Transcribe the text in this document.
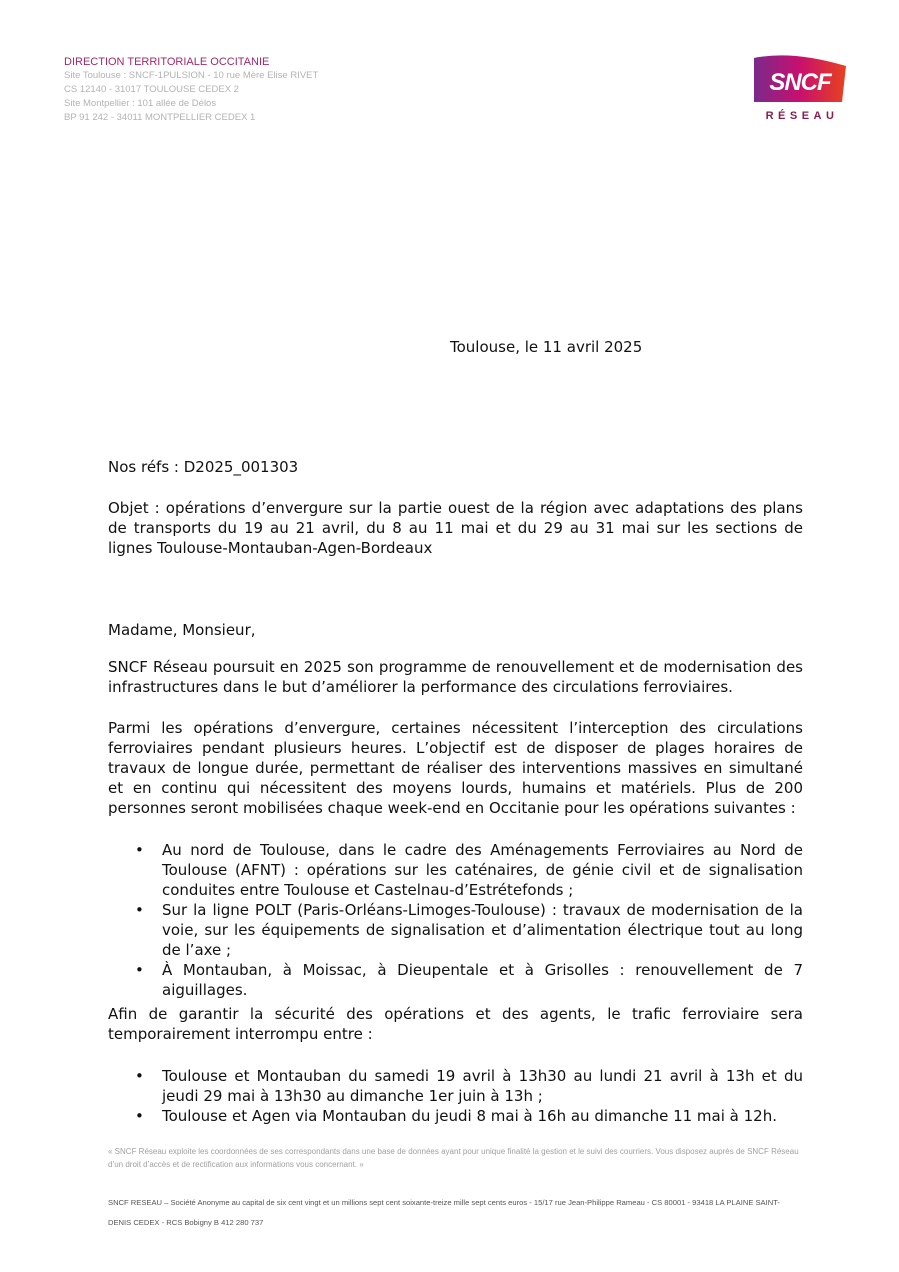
DIRECTION TERRITORIALE OCCITANIE
Site Toulouse : SNCF-1PULSION - 10 rue Mère Elise RIVET
CS 12140 - 31017 TOULOUSE CEDEX 2
Site Montpellier : 101 allée de Délos
BP 91 242 - 34011 MONTPELLIER CEDEX 1
SNCF
RÉSEAU
Toulouse, le 11 avril 2025

Nos réfs : D2025_001303

Objet : opérations d’envergure sur la partie ouest de la région avec adaptations des plans de transports du 19 au 21 avril, du 8 au 11 mai et du 29 au 31 mai sur les sections de lignes Toulouse-Montauban-Agen-Bordeaux

Madame, Monsieur,

SNCF Réseau poursuit en 2025 son programme de renouvellement et de modernisation des infrastructures dans le but d’améliorer la performance des circulations ferroviaires.

Parmi les opérations d’envergure, certaines nécessitent l’interception des circulations ferroviaires pendant plusieurs heures. L’objectif est de disposer de plages horaires de travaux de longue durée, permettant de réaliser des interventions massives en simultané et en continu qui nécessitent des moyens lourds, humains et matériels. Plus de 200 personnes seront mobilisées chaque week-end en Occitanie pour les opérations suivantes :

• Au nord de Toulouse, dans le cadre des Aménagements Ferroviaires au Nord de Toulouse (AFNT) : opérations sur les caténaires, de génie civil et de signalisation conduites entre Toulouse et Castelnau-d’Estrétefonds ;
• Sur la ligne POLT (Paris-Orléans-Limoges-Toulouse) : travaux de modernisation de la voie, sur les équipements de signalisation et d’alimentation électrique tout au long de l’axe ;
• À Montauban, à Moissac, à Dieupentale et à Grisolles : renouvellement de 7 aiguillages.

Afin de garantir la sécurité des opérations et des agents, le trafic ferroviaire sera temporairement interrompu entre :

• Toulouse et Montauban du samedi 19 avril à 13h30 au lundi 21 avril à 13h et du jeudi 29 mai à 13h30 au dimanche 1er juin à 13h ;
• Toulouse et Agen via Montauban du jeudi 8 mai à 16h au dimanche 11 mai à 12h.
« SNCF Réseau exploite les coordonnées de ses correspondants dans une base de données ayant pour unique finalité la gestion et le suivi des courriers. Vous disposez auprès de SNCF Réseau d’un droit d’accès et de rectification aux informations vous concernant. »
SNCF RESEAU – Société Anonyme au capital de six cent vingt et un millions sept cent soixante-treize mille sept cents euros - 15/17 rue Jean-Philippe Rameau - CS 80001 - 93418 LA PLAINE SAINT-DENIS CEDEX - RCS Bobigny B 412 280 737
